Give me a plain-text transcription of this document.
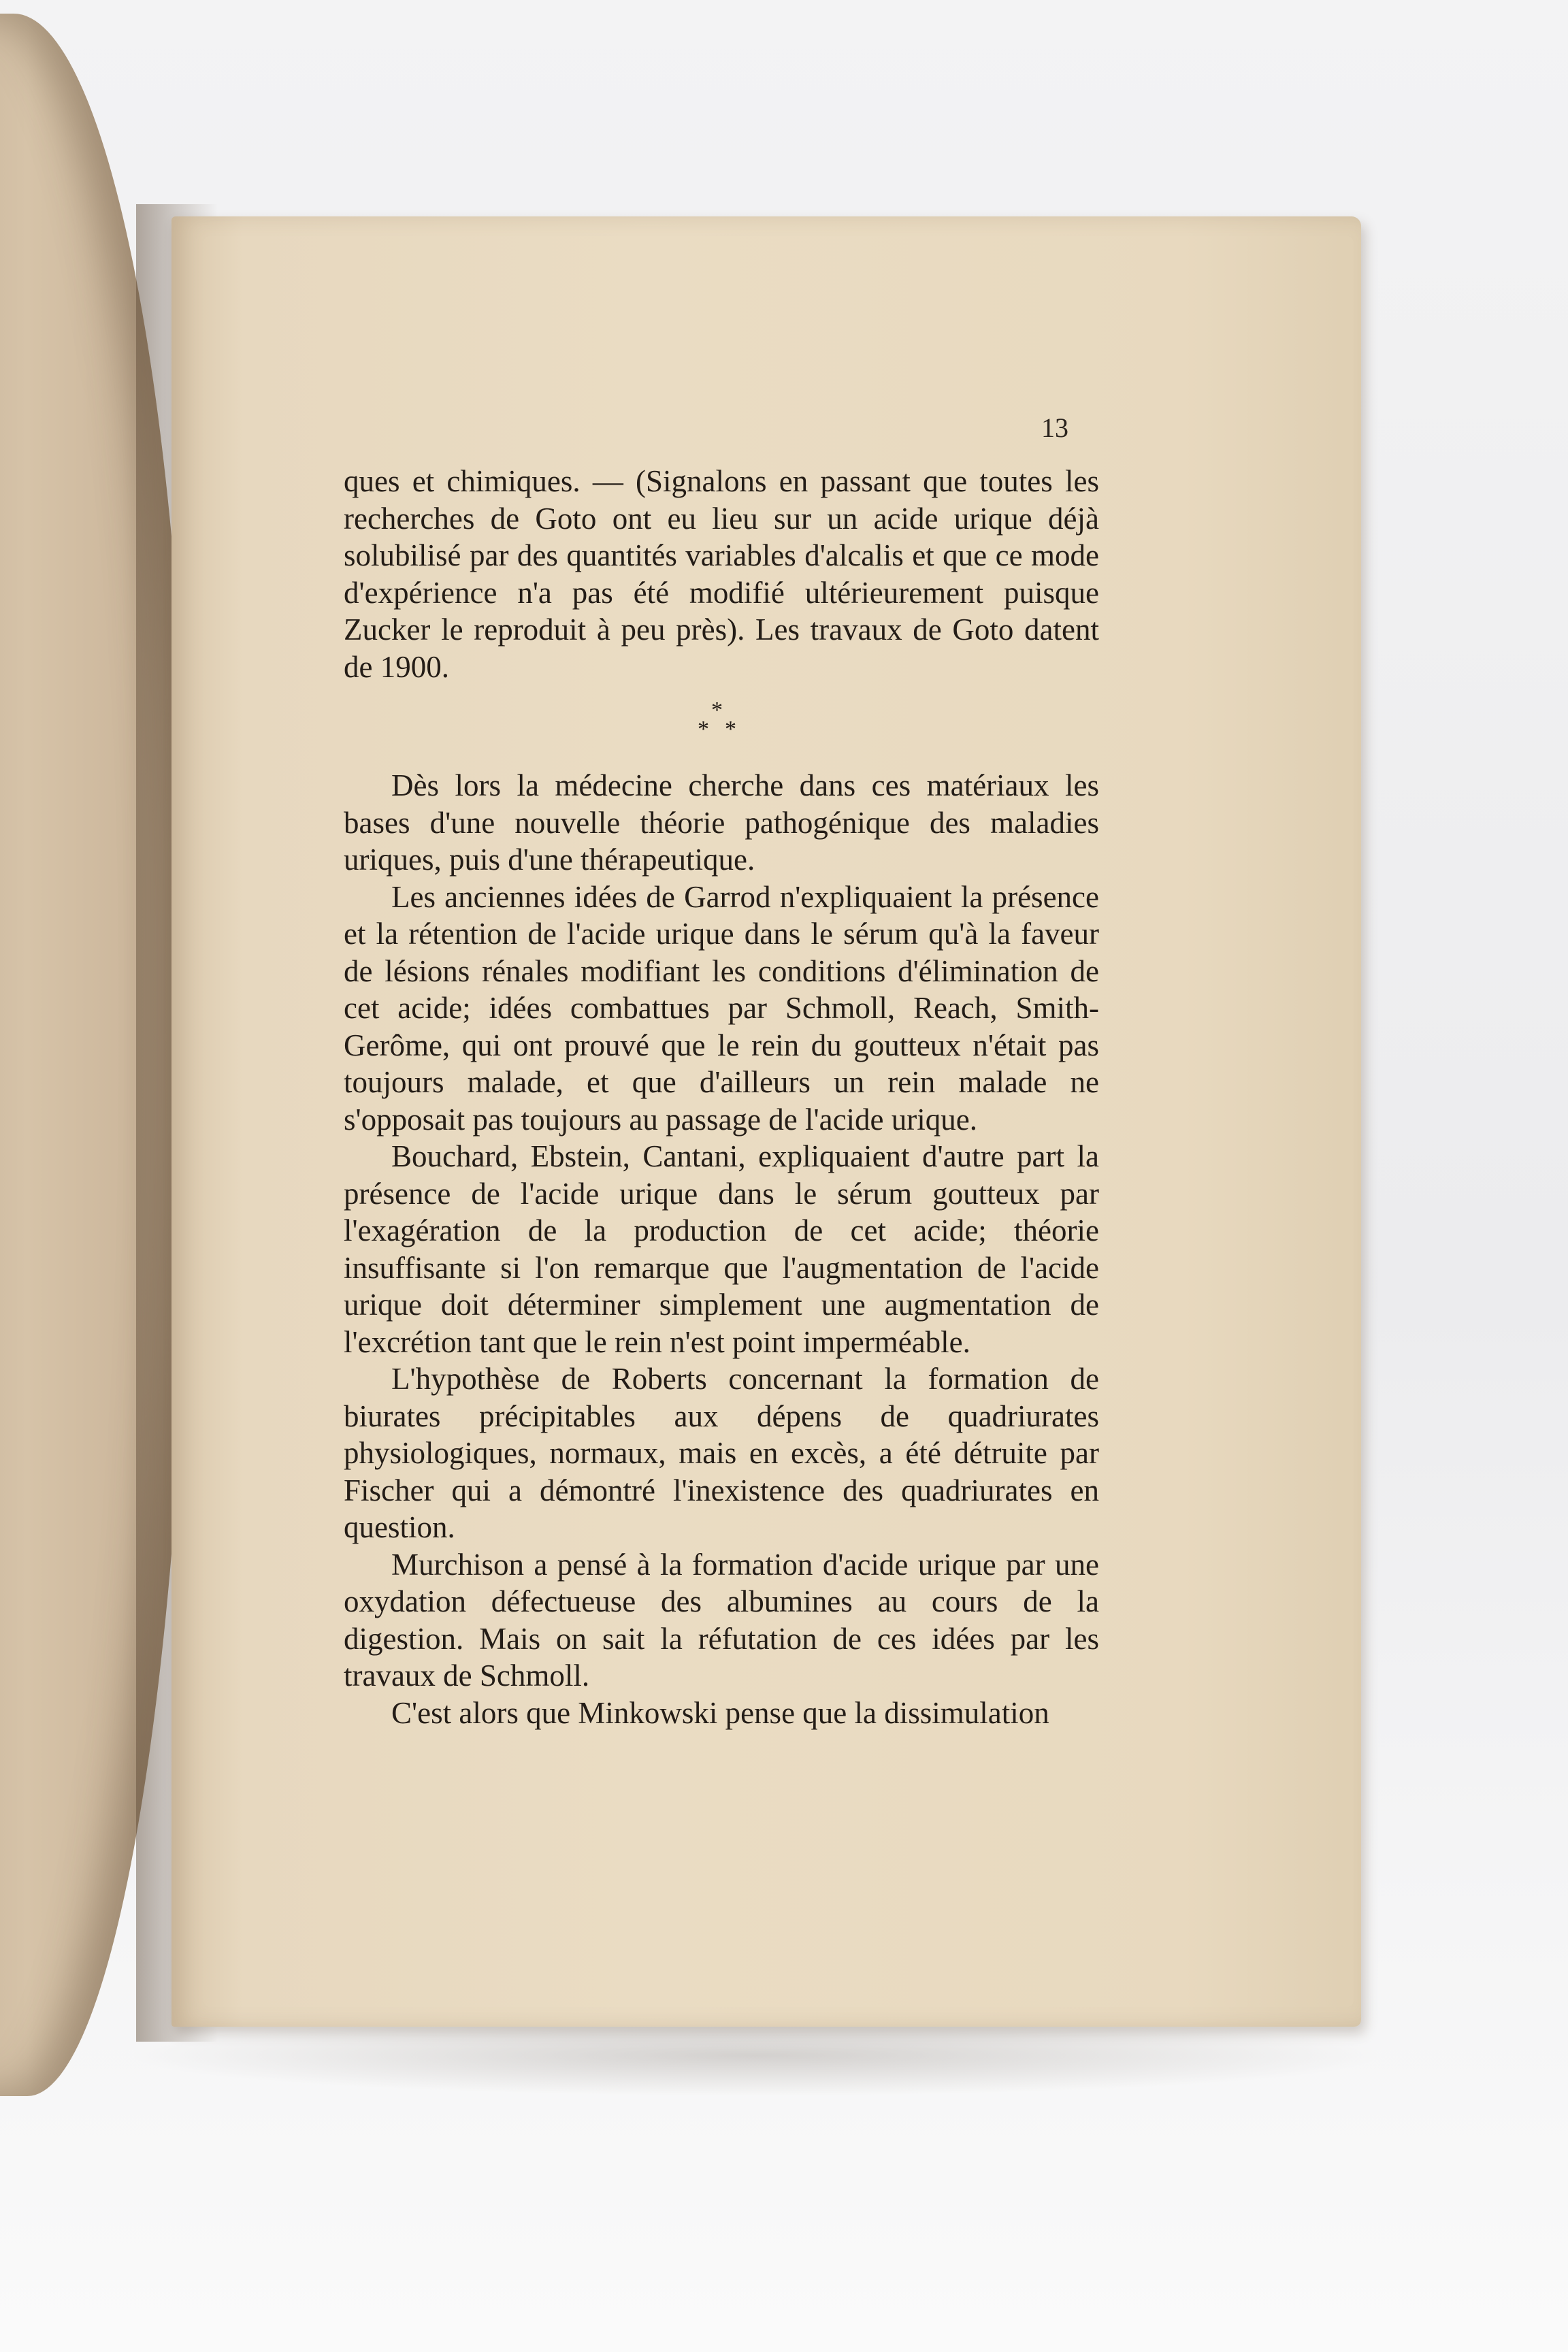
13

ques et chimiques. — (Signalons en passant que toutes les recherches de Goto ont eu lieu sur un acide urique déjà solubilisé par des quantités variables d'alcalis et que ce mode d'expérience n'a pas été modifié ultérieurement puisque Zucker le reproduit à peu près). Les travaux de Goto datent de 1900.

*
* *

Dès lors la médecine cherche dans ces matériaux les bases d'une nouvelle théorie pathogénique des maladies uriques, puis d'une thérapeutique.

Les anciennes idées de Garrod n'expliquaient la présence et la rétention de l'acide urique dans le sérum qu'à la faveur de lésions rénales modifiant les conditions d'élimination de cet acide; idées combattues par Schmoll, Reach, Smith-Gerôme, qui ont prouvé que le rein du goutteux n'était pas toujours malade, et que d'ailleurs un rein malade ne s'opposait pas toujours au passage de l'acide urique.

Bouchard, Ebstein, Cantani, expliquaient d'autre part la présence de l'acide urique dans le sérum goutteux par l'exagération de la production de cet acide; théorie insuffisante si l'on remarque que l'augmentation de l'acide urique doit déterminer simplement une augmentation de l'excrétion tant que le rein n'est point imperméable.

L'hypothèse de Roberts concernant la formation de biurates précipitables aux dépens de quadriurates physiologiques, normaux, mais en excès, a été détruite par Fischer qui a démontré l'inexistence des quadriurates en question.

Murchison a pensé à la formation d'acide urique par une oxydation défectueuse des albumines au cours de la digestion. Mais on sait la réfutation de ces idées par les travaux de Schmoll.

C'est alors que Minkowski pense que la dissimulation
